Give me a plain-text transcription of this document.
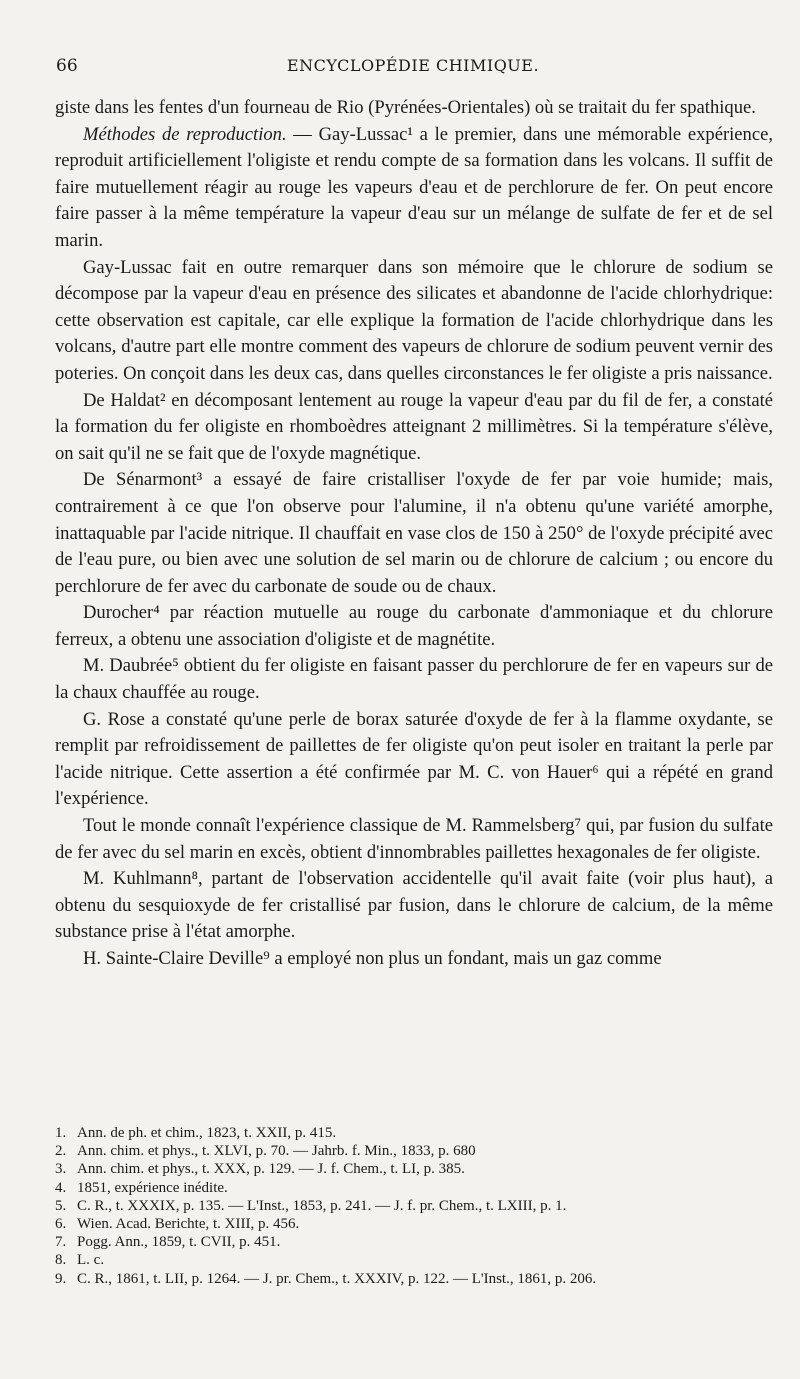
66	ENCYCLOPÉDIE CHIMIQUE.

giste dans les fentes d'un fourneau de Rio (Pyrénées-Orientales) où se traitait du fer spathique.

Méthodes de reproduction. — Gay-Lussac¹ a le premier, dans une mémorable expérience, reproduit artificiellement l'oligiste et rendu compte de sa formation dans les volcans. Il suffit de faire mutuellement réagir au rouge les vapeurs d'eau et de perchlorure de fer. On peut encore faire passer à la même température la vapeur d'eau sur un mélange de sulfate de fer et de sel marin.

Gay-Lussac fait en outre remarquer dans son mémoire que le chlorure de sodium se décompose par la vapeur d'eau en présence des silicates et abandonne de l'acide chlorhydrique: cette observation est capitale, car elle explique la formation de l'acide chlorhydrique dans les volcans, d'autre part elle montre comment des vapeurs de chlorure de sodium peuvent vernir des poteries. On conçoit dans les deux cas, dans quelles circonstances le fer oligiste a pris naissance.

De Haldat² en décomposant lentement au rouge la vapeur d'eau par du fil de fer, a constaté la formation du fer oligiste en rhomboèdres atteignant 2 millimètres. Si la température s'élève, on sait qu'il ne se fait que de l'oxyde magnétique.

De Sénarmont³ a essayé de faire cristalliser l'oxyde de fer par voie humide; mais, contrairement à ce que l'on observe pour l'alumine, il n'a obtenu qu'une variété amorphe, inattaquable par l'acide nitrique. Il chauffait en vase clos de 150 à 250° de l'oxyde précipité avec de l'eau pure, ou bien avec une solution de sel marin ou de chlorure de calcium ; ou encore du perchlorure de fer avec du carbonate de soude ou de chaux.

Durocher⁴ par réaction mutuelle au rouge du carbonate d'ammoniaque et du chlorure ferreux, a obtenu une association d'oligiste et de magnétite.

M. Daubrée⁵ obtient du fer oligiste en faisant passer du perchlorure de fer en vapeurs sur de la chaux chauffée au rouge.

G. Rose a constaté qu'une perle de borax saturée d'oxyde de fer à la flamme oxydante, se remplit par refroidissement de paillettes de fer oligiste qu'on peut isoler en traitant la perle par l'acide nitrique. Cette assertion a été confirmée par M. C. von Hauer⁶ qui a répété en grand l'expérience.

Tout le monde connaît l'expérience classique de M. Rammelsberg⁷ qui, par fusion du sulfate de fer avec du sel marin en excès, obtient d'innombrables paillettes hexagonales de fer oligiste.

M. Kuhlmann⁸, partant de l'observation accidentelle qu'il avait faite (voir plus haut), a obtenu du sesquioxyde de fer cristallisé par fusion, dans le chlorure de calcium, de la même substance prise à l'état amorphe.

H. Sainte-Claire Deville⁹ a employé non plus un fondant, mais un gaz comme

1. Ann. de ph. et chim., 1823, t. XXII, p. 415.
2. Ann. chim. et phys., t. XLVI, p. 70. — Jahrb. f. Min., 1833, p. 680
3. Ann. chim. et phys., t. XXX, p. 129. — J. f. Chem., t. LI, p. 385.
4. 1851, expérience inédite.
5. C. R., t. XXXIX, p. 135. — L'Inst., 1853, p. 241. — J. f. pr. Chem., t. LXIII, p. 1.
6. Wien. Acad. Berichte, t. XIII, p. 456.
7. Pogg. Ann., 1859, t. CVII, p. 451.
8. L. c.
9. C. R., 1861, t. LII, p. 1264. — J. pr. Chem., t. XXXIV, p. 122. — L'Inst., 1861, p. 206.
